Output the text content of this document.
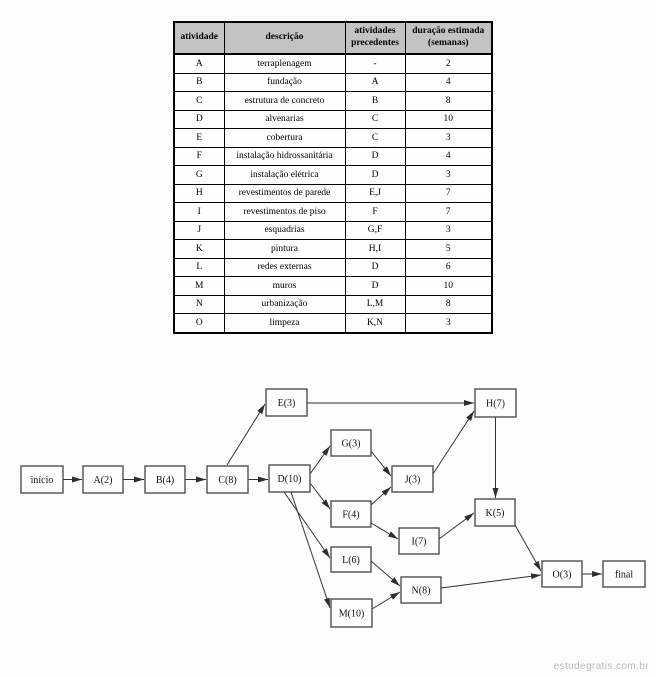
atividade	descrição	atividades precedentes	duração estimada (semanas)
A	terraplenagem	-	2
B	fundação	A	4
C	estrutura de concreto	B	8
D	alvenarias	C	10
E	cobertura	C	3
F	instalação hidrossanitária	D	4
G	instalação elétrica	D	3
H	revestimentos de parede	E,J	7
I	revestimentos de piso	F	7
J	esquadrias	G,F	3
K	pintura	H,I	5
L	redes externas	D	6
M	muros	D	10
N	urbanização	L,M	8
O	limpeza	K,N	3
início	A(2)	B(4)	C(8)	D(10)
E(3)
G(3)
J(3)
F(4)
I(7)
H(7)
K(5)
L(6)
N(8)
M(10)
O(3)	final
estudegratis.com.br
